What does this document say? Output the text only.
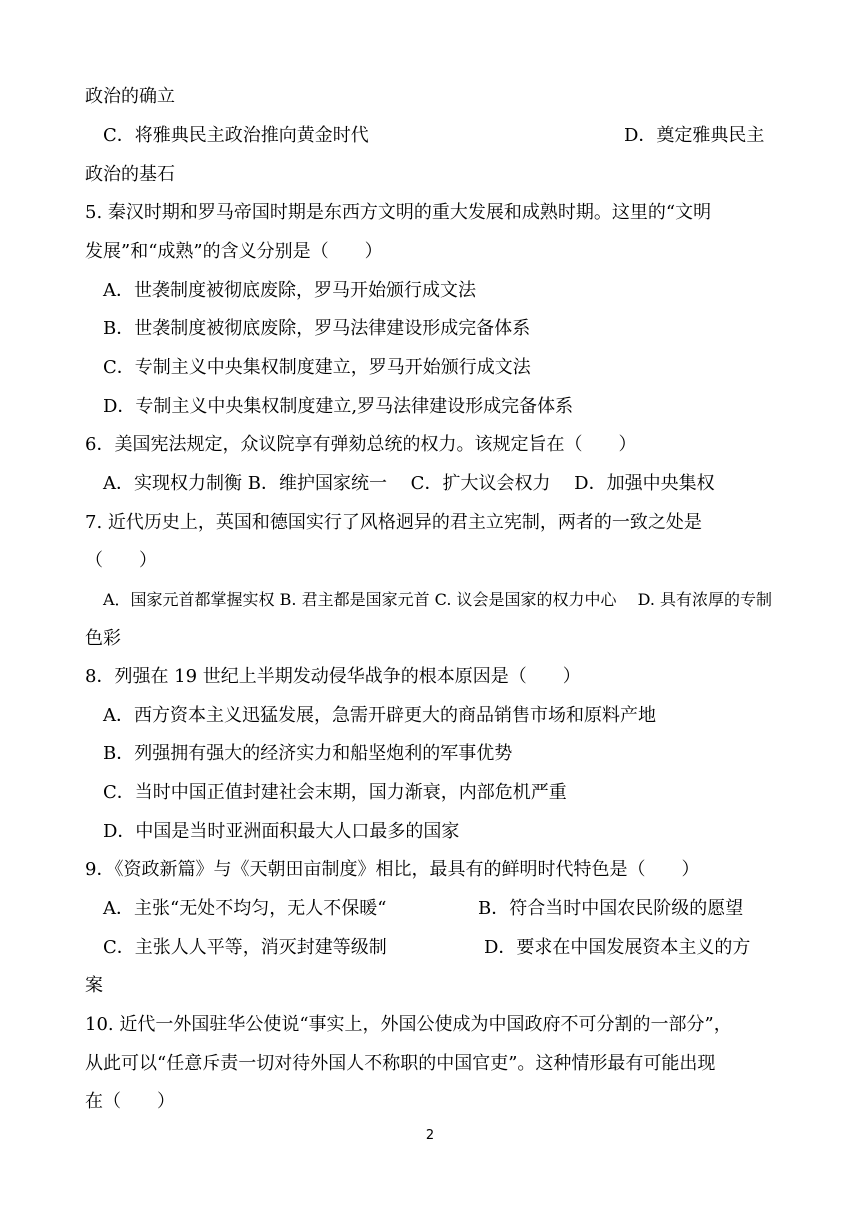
政治的确立
C．将雅典民主政治推向黄金时代	D．奠定雅典民主
政治的基石
5. 秦汉时期和罗马帝国时期是东西方文明的重大发展和成熟时期。这里的“文明
发展”和“成熟”的含义分别是（　　）
A．世袭制度被彻底废除，罗马开始颁行成文法
B．世袭制度被彻底废除，罗马法律建设形成完备体系
C．专制主义中央集权制度建立，罗马开始颁行成文法
D．专制主义中央集权制度建立,罗马法律建设形成完备体系
6．美国宪法规定，众议院享有弹劾总统的权力。该规定旨在（　　）
A．实现权力制衡 B．维护国家统一　 C．扩大议会权力　 D．加强中央集权
7. 近代历史上，英国和德国实行了风格迥异的君主立宪制，两者的一致之处是
（　　）
A．国家元首都掌握实权 B. 君主都是国家元首 C. 议会是国家的权力中心　 D. 具有浓厚的专制
色彩
8．列强在 19 世纪上半期发动侵华战争的根本原因是（　　）
A．西方资本主义迅猛发展，急需开辟更大的商品销售市场和原料产地
B．列强拥有强大的经济实力和船坚炮利的军事优势
C．当时中国正值封建社会末期，国力渐衰，内部危机严重
D．中国是当时亚洲面积最大人口最多的国家
9．《资政新篇》与《天朝田亩制度》相比，最具有的鲜明时代特色是（　　）
A．主张“无处不均匀，无人不保暖“	B．符合当时中国农民阶级的愿望
C．主张人人平等，消灭封建等级制	D．要求在中国发展资本主义的方
案
10. 近代一外国驻华公使说“事实上，外国公使成为中国政府不可分割的一部分”，
从此可以“任意斥责一切对待外国人不称职的中国官吏”。这种情形最有可能出现
在（　　）
2
